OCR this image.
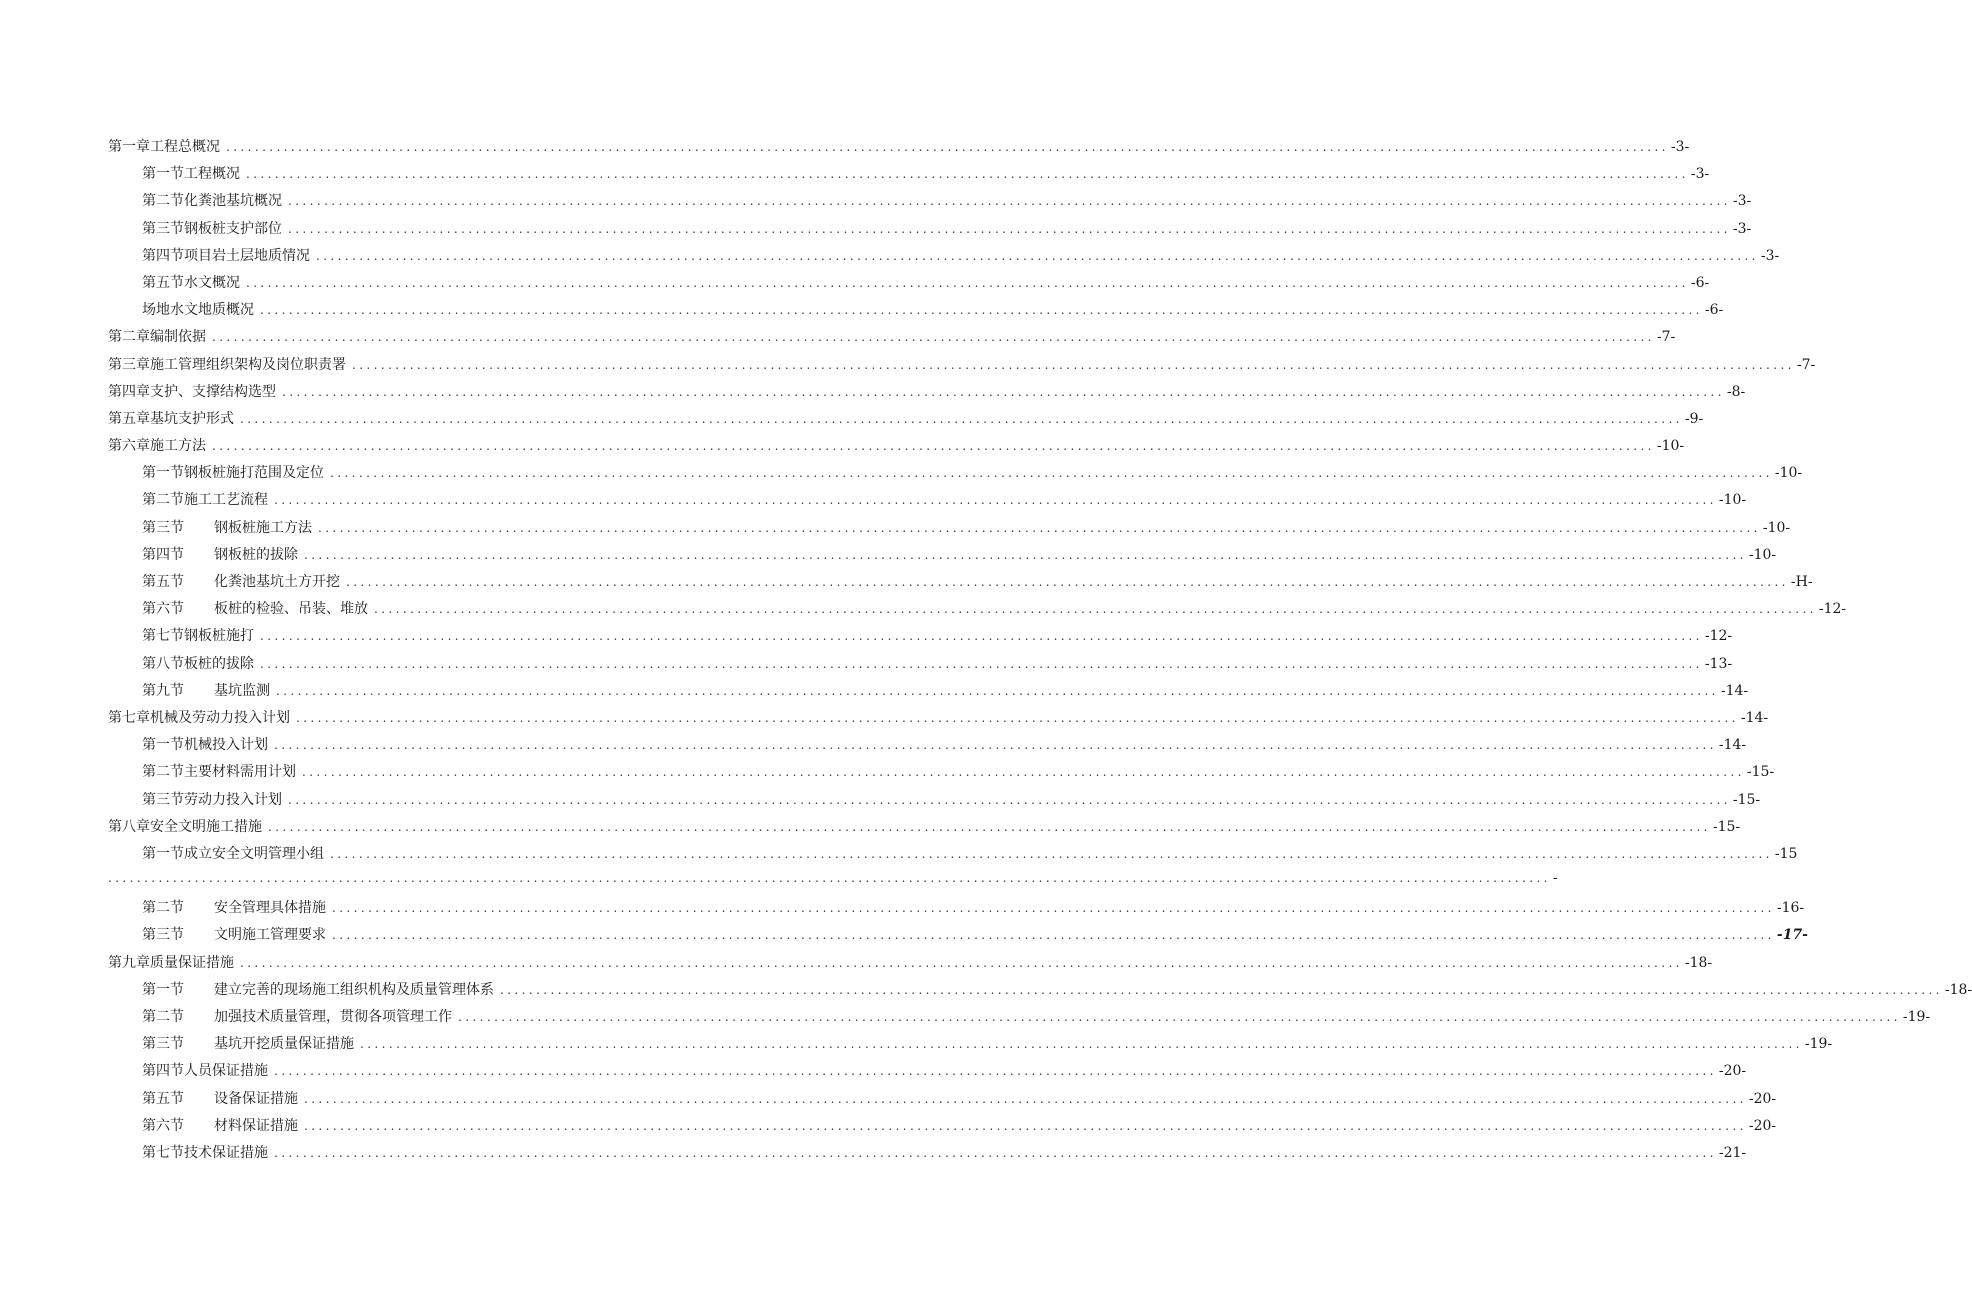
第一章工程总概况 ........................................................................................................................................................................................................ -3-
第一节工程概况 ........................................................................................................................................................................................................ -3-
第二节化粪池基坑概况 ........................................................................................................................................................................................................ -3-
第三节钢板桩支护部位 ........................................................................................................................................................................................................ -3-
第四节项目岩土层地质情况 ........................................................................................................................................................................................................ -3-
第五节水文概况 ........................................................................................................................................................................................................ -6-
场地水文地质概况 ........................................................................................................................................................................................................ -6-
第二章编制依据 ........................................................................................................................................................................................................ -7-
第三章施工管理组织架构及岗位职责署 ........................................................................................................................................................................................................ -7-
第四章支护、支撑结构选型 ........................................................................................................................................................................................................ -8-
第五章基坑支护形式 ........................................................................................................................................................................................................ -9-
第六章施工方法 ........................................................................................................................................................................................................ -10-
第一节钢板桩施打范围及定位 ........................................................................................................................................................................................................ -10-
第二节施工工艺流程 ........................................................................................................................................................................................................ -10-
第三节 钢板桩施工方法 ........................................................................................................................................................................................................ -10-
第四节 钢板桩的拔除 ........................................................................................................................................................................................................ -10-
第五节 化粪池基坑土方开挖 ........................................................................................................................................................................................................ -H-
第六节 板桩的检验、吊装、堆放 ........................................................................................................................................................................................................ -12-
第七节钢板桩施打 ........................................................................................................................................................................................................ -12-
第八节板桩的拔除 ........................................................................................................................................................................................................ -13-
第九节 基坑监测 ........................................................................................................................................................................................................ -14-
第七章机械及劳动力投入计划 ........................................................................................................................................................................................................ -14-
第一节机械投入计划 ........................................................................................................................................................................................................ -14-
第二节主要材料需用计划 ........................................................................................................................................................................................................ -15-
第三节劳动力投入计划 ........................................................................................................................................................................................................ -15-
第八章安全文明施工措施 ........................................................................................................................................................................................................ -15-
第一节成立安全文明管理小组 ........................................................................................................................................................................................................ -15
........................................................................................................................................................................................................ -
第二节 安全管理具体措施 ........................................................................................................................................................................................................ -16-
第三节 文明施工管理要求 ........................................................................................................................................................................................................ -17-
第九章质量保证措施 ........................................................................................................................................................................................................ -18-
第一节 建立完善的现场施工组织机构及质量管理体系 ........................................................................................................................................................................................................ -18-
第二节 加强技术质量管理，贯彻各项管理工作 ........................................................................................................................................................................................................ -19-
第三节 基坑开挖质量保证措施 ........................................................................................................................................................................................................ -19-
第四节人员保证措施 ........................................................................................................................................................................................................ -20-
第五节 设备保证措施 ........................................................................................................................................................................................................ -20-
第六节 材料保证措施 ........................................................................................................................................................................................................ -20-
第七节技术保证措施 ........................................................................................................................................................................................................ -21-
